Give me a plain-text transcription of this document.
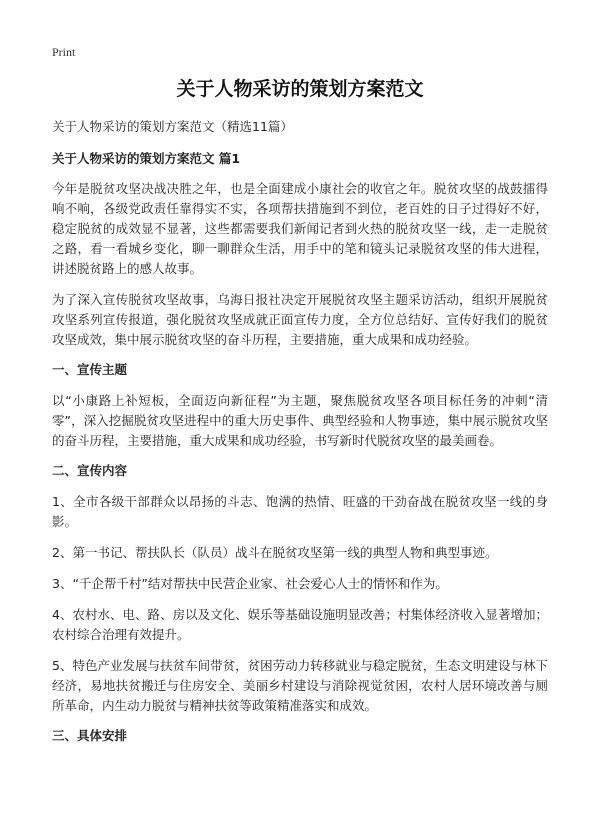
Print
关于人物采访的策划方案范文

关于人物采访的策划方案范文（精选11篇）

关于人物采访的策划方案范文 篇1

今年是脱贫攻坚决战决胜之年，也是全面建成小康社会的收官之年。脱贫攻坚的战鼓擂得响不响，各级党政责任靠得实不实，各项帮扶措施到不到位，老百姓的日子过得好不好，稳定脱贫的成效显不显著，这些都需要我们新闻记者到火热的脱贫攻坚一线，走一走脱贫之路，看一看城乡变化，聊一聊群众生活，用手中的笔和镜头记录脱贫攻坚的伟大进程，讲述脱贫路上的感人故事。

为了深入宣传脱贫攻坚故事，乌海日报社决定开展脱贫攻坚主题采访活动，组织开展脱贫攻坚系列宣传报道，强化脱贫攻坚成就正面宣传力度，全方位总结好、宣传好我们的脱贫攻坚成效，集中展示脱贫攻坚的奋斗历程，主要措施，重大成果和成功经验。

一、宣传主题

以“小康路上补短板，全面迈向新征程”为主题，聚焦脱贫攻坚各项目标任务的冲刺“清零”，深入挖掘脱贫攻坚进程中的重大历史事件、典型经验和人物事迹，集中展示脱贫攻坚的奋斗历程，主要措施，重大成果和成功经验，书写新时代脱贫攻坚的最美画卷。

二、宣传内容

1、全市各级干部群众以昂扬的斗志、饱满的热情、旺盛的干劲奋战在脱贫攻坚一线的身影。

2、第一书记、帮扶队长（队员）战斗在脱贫攻坚第一线的典型人物和典型事迹。

3、“千企帮千村”结对帮扶中民营企业家、社会爱心人士的情怀和作为。

4、农村水、电、路、房以及文化、娱乐等基础设施明显改善；村集体经济收入显著增加；农村综合治理有效提升。

5、特色产业发展与扶贫车间带贫，贫困劳动力转移就业与稳定脱贫，生态文明建设与林下经济，易地扶贫搬迁与住房安全、美丽乡村建设与消除视觉贫困，农村人居环境改善与厕所革命，内生动力脱贫与精神扶贫等政策精准落实和成效。

三、具体安排
